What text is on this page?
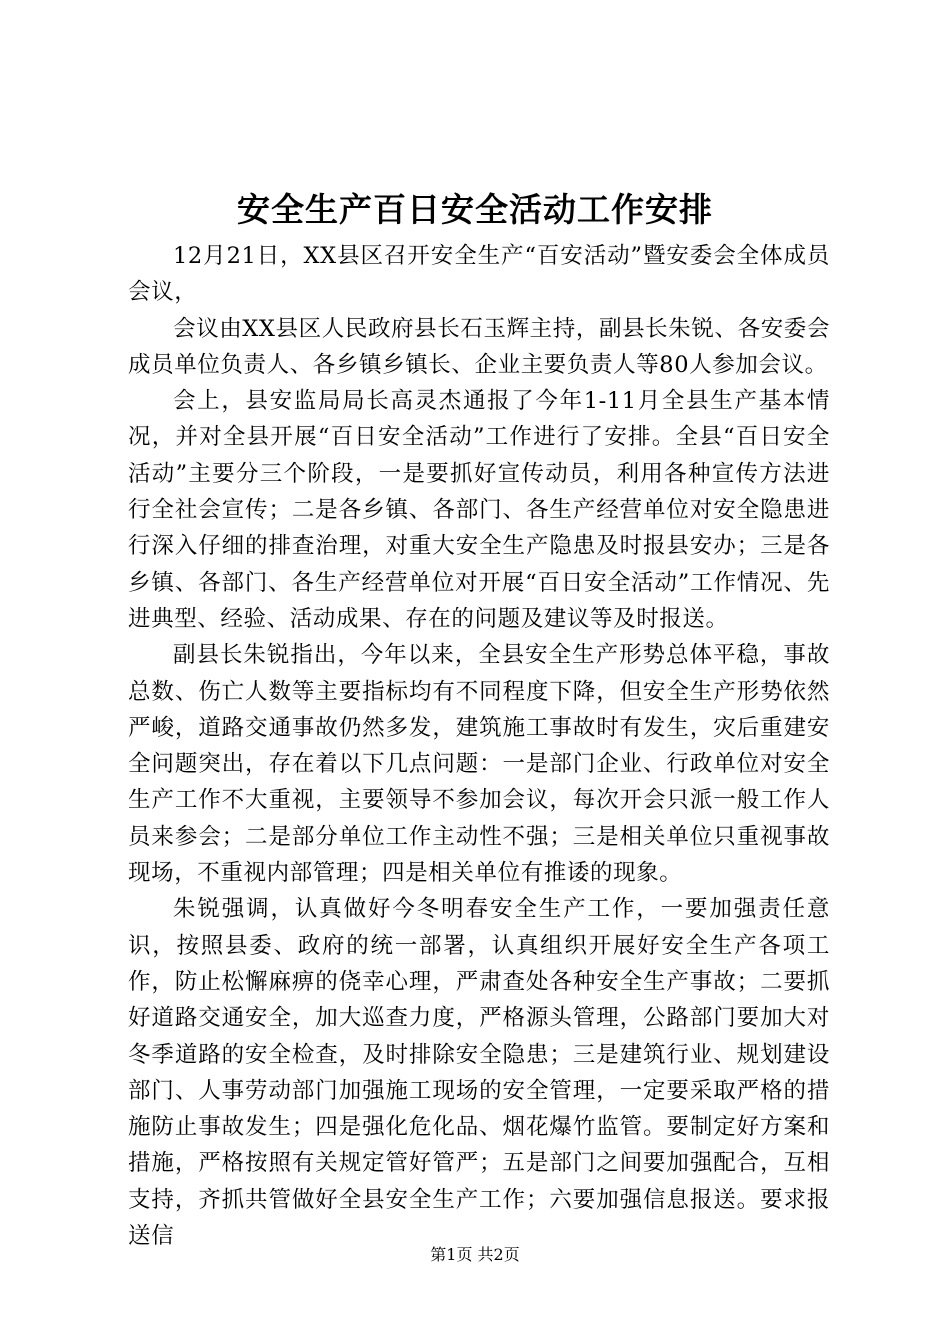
安全生产百日安全活动工作安排

12月21日，XX县区召开安全生产“百安活动”暨安委会全体成员会议，

会议由XX县区人民政府县长石玉辉主持，副县长朱锐、各安委会成员单位负责人、各乡镇乡镇长、企业主要负责人等80人参加会议。

会上，县安监局局长高灵杰通报了今年1-11月全县生产基本情况，并对全县开展“百日安全活动”工作进行了安排。全县“百日安全活动”主要分三个阶段，一是要抓好宣传动员，利用各种宣传方法进行全社会宣传；二是各乡镇、各部门、各生产经营单位对安全隐患进行深入仔细的排查治理，对重大安全生产隐患及时报县安办；三是各乡镇、各部门、各生产经营单位对开展“百日安全活动”工作情况、先进典型、经验、活动成果、存在的问题及建议等及时报送。

副县长朱锐指出，今年以来，全县安全生产形势总体平稳，事故总数、伤亡人数等主要指标均有不同程度下降，但安全生产形势依然严峻，道路交通事故仍然多发，建筑施工事故时有发生，灾后重建安全问题突出，存在着以下几点问题：一是部门企业、行政单位对安全生产工作不大重视，主要领导不参加会议，每次开会只派一般工作人员来参会；二是部分单位工作主动性不强；三是相关单位只重视事故现场，不重视内部管理；四是相关单位有推诿的现象。

朱锐强调，认真做好今冬明春安全生产工作，一要加强责任意识，按照县委、政府的统一部署，认真组织开展好安全生产各项工作，防止松懈麻痹的侥幸心理，严肃查处各种安全生产事故；二要抓好道路交通安全，加大巡查力度，严格源头管理，公路部门要加大对冬季道路的安全检查，及时排除安全隐患；三是建筑行业、规划建设部门、人事劳动部门加强施工现场的安全管理，一定要采取严格的措施防止事故发生；四是强化危化品、烟花爆竹监管。要制定好方案和措施，严格按照有关规定管好管严；五是部门之间要加强配合，互相支持，齐抓共管做好全县安全生产工作；六要加强信息报送。要求报送信

第1页 共2页
